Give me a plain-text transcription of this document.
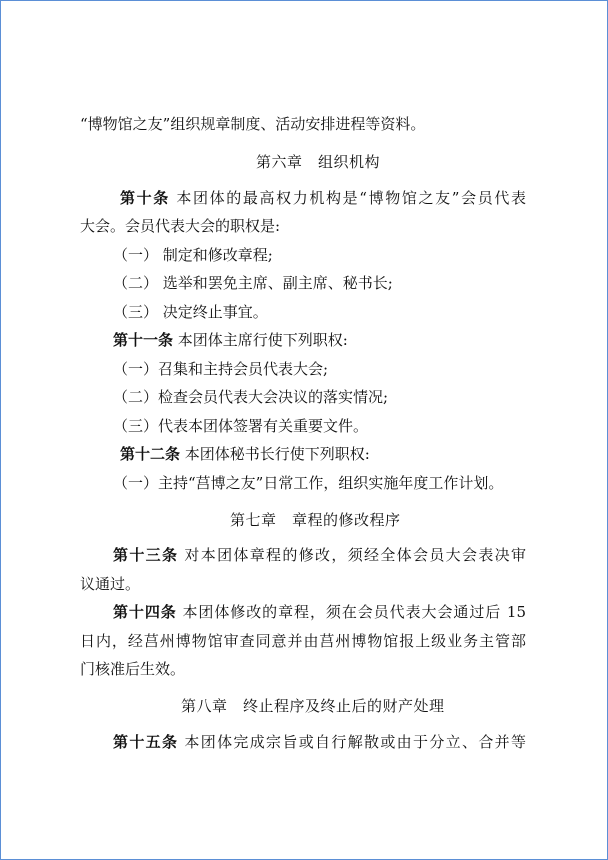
“博物馆之友”组织规章制度、活动安排进程等资料。
第六章　组织机构
第十条 本团体的最高权力机构是“博物馆之友”会员代表
大会。会员代表大会的职权是:
（一） 制定和修改章程;
（二） 选举和罢免主席、副主席、秘书长;
（三） 决定终止事宜。
第十一条 本团体主席行使下列职权:
（一）召集和主持会员代表大会;
（二）检查会员代表大会决议的落实情况;
（三）代表本团体签署有关重要文件。
第十二条 本团体秘书长行使下列职权:
（一）主持“莒博之友”日常工作，组织实施年度工作计划。
第七章　章程的修改程序
第十三条 对本团体章程的修改，须经全体会员大会表决审
议通过。
第十四条 本团体修改的章程，须在会员代表大会通过后 15
日内，经莒州博物馆审查同意并由莒州博物馆报上级业务主管部
门核准后生效。
第八章　终止程序及终止后的财产处理
第十五条 本团体完成宗旨或自行解散或由于分立、合并等
